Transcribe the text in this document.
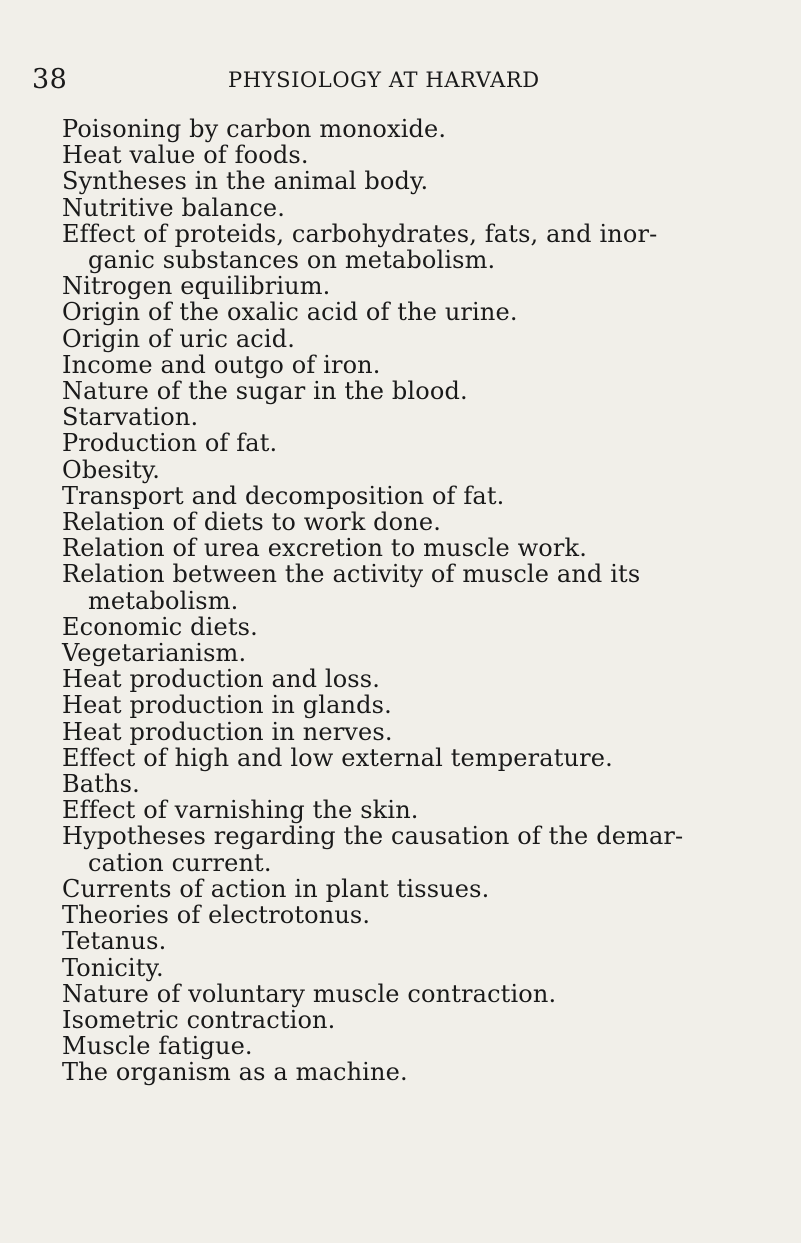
38	PHYSIOLOGY AT HARVARD
Poisoning by carbon monoxide.
Heat value of foods.
Syntheses in the animal body.
Nutritive balance.
Effect of proteids, carbohydrates, fats, and inor-
ganic substances on metabolism.
Nitrogen equilibrium.
Origin of the oxalic acid of the urine.
Origin of uric acid.
Income and outgo of iron.
Nature of the sugar in the blood.
Starvation.
Production of fat.
Obesity.
Transport and decomposition of fat.
Relation of diets to work done.
Relation of urea excretion to muscle work.
Relation between the activity of muscle and its
metabolism.
Economic diets.
Vegetarianism.
Heat production and loss.
Heat production in glands.
Heat production in nerves.
Effect of high and low external temperature.
Baths.
Effect of varnishing the skin.
Hypotheses regarding the causation of the demar-
cation current.
Currents of action in plant tissues.
Theories of electrotonus.
Tetanus.
Tonicity.
Nature of voluntary muscle contraction.
Isometric contraction.
Muscle fatigue.
The organism as a machine.
